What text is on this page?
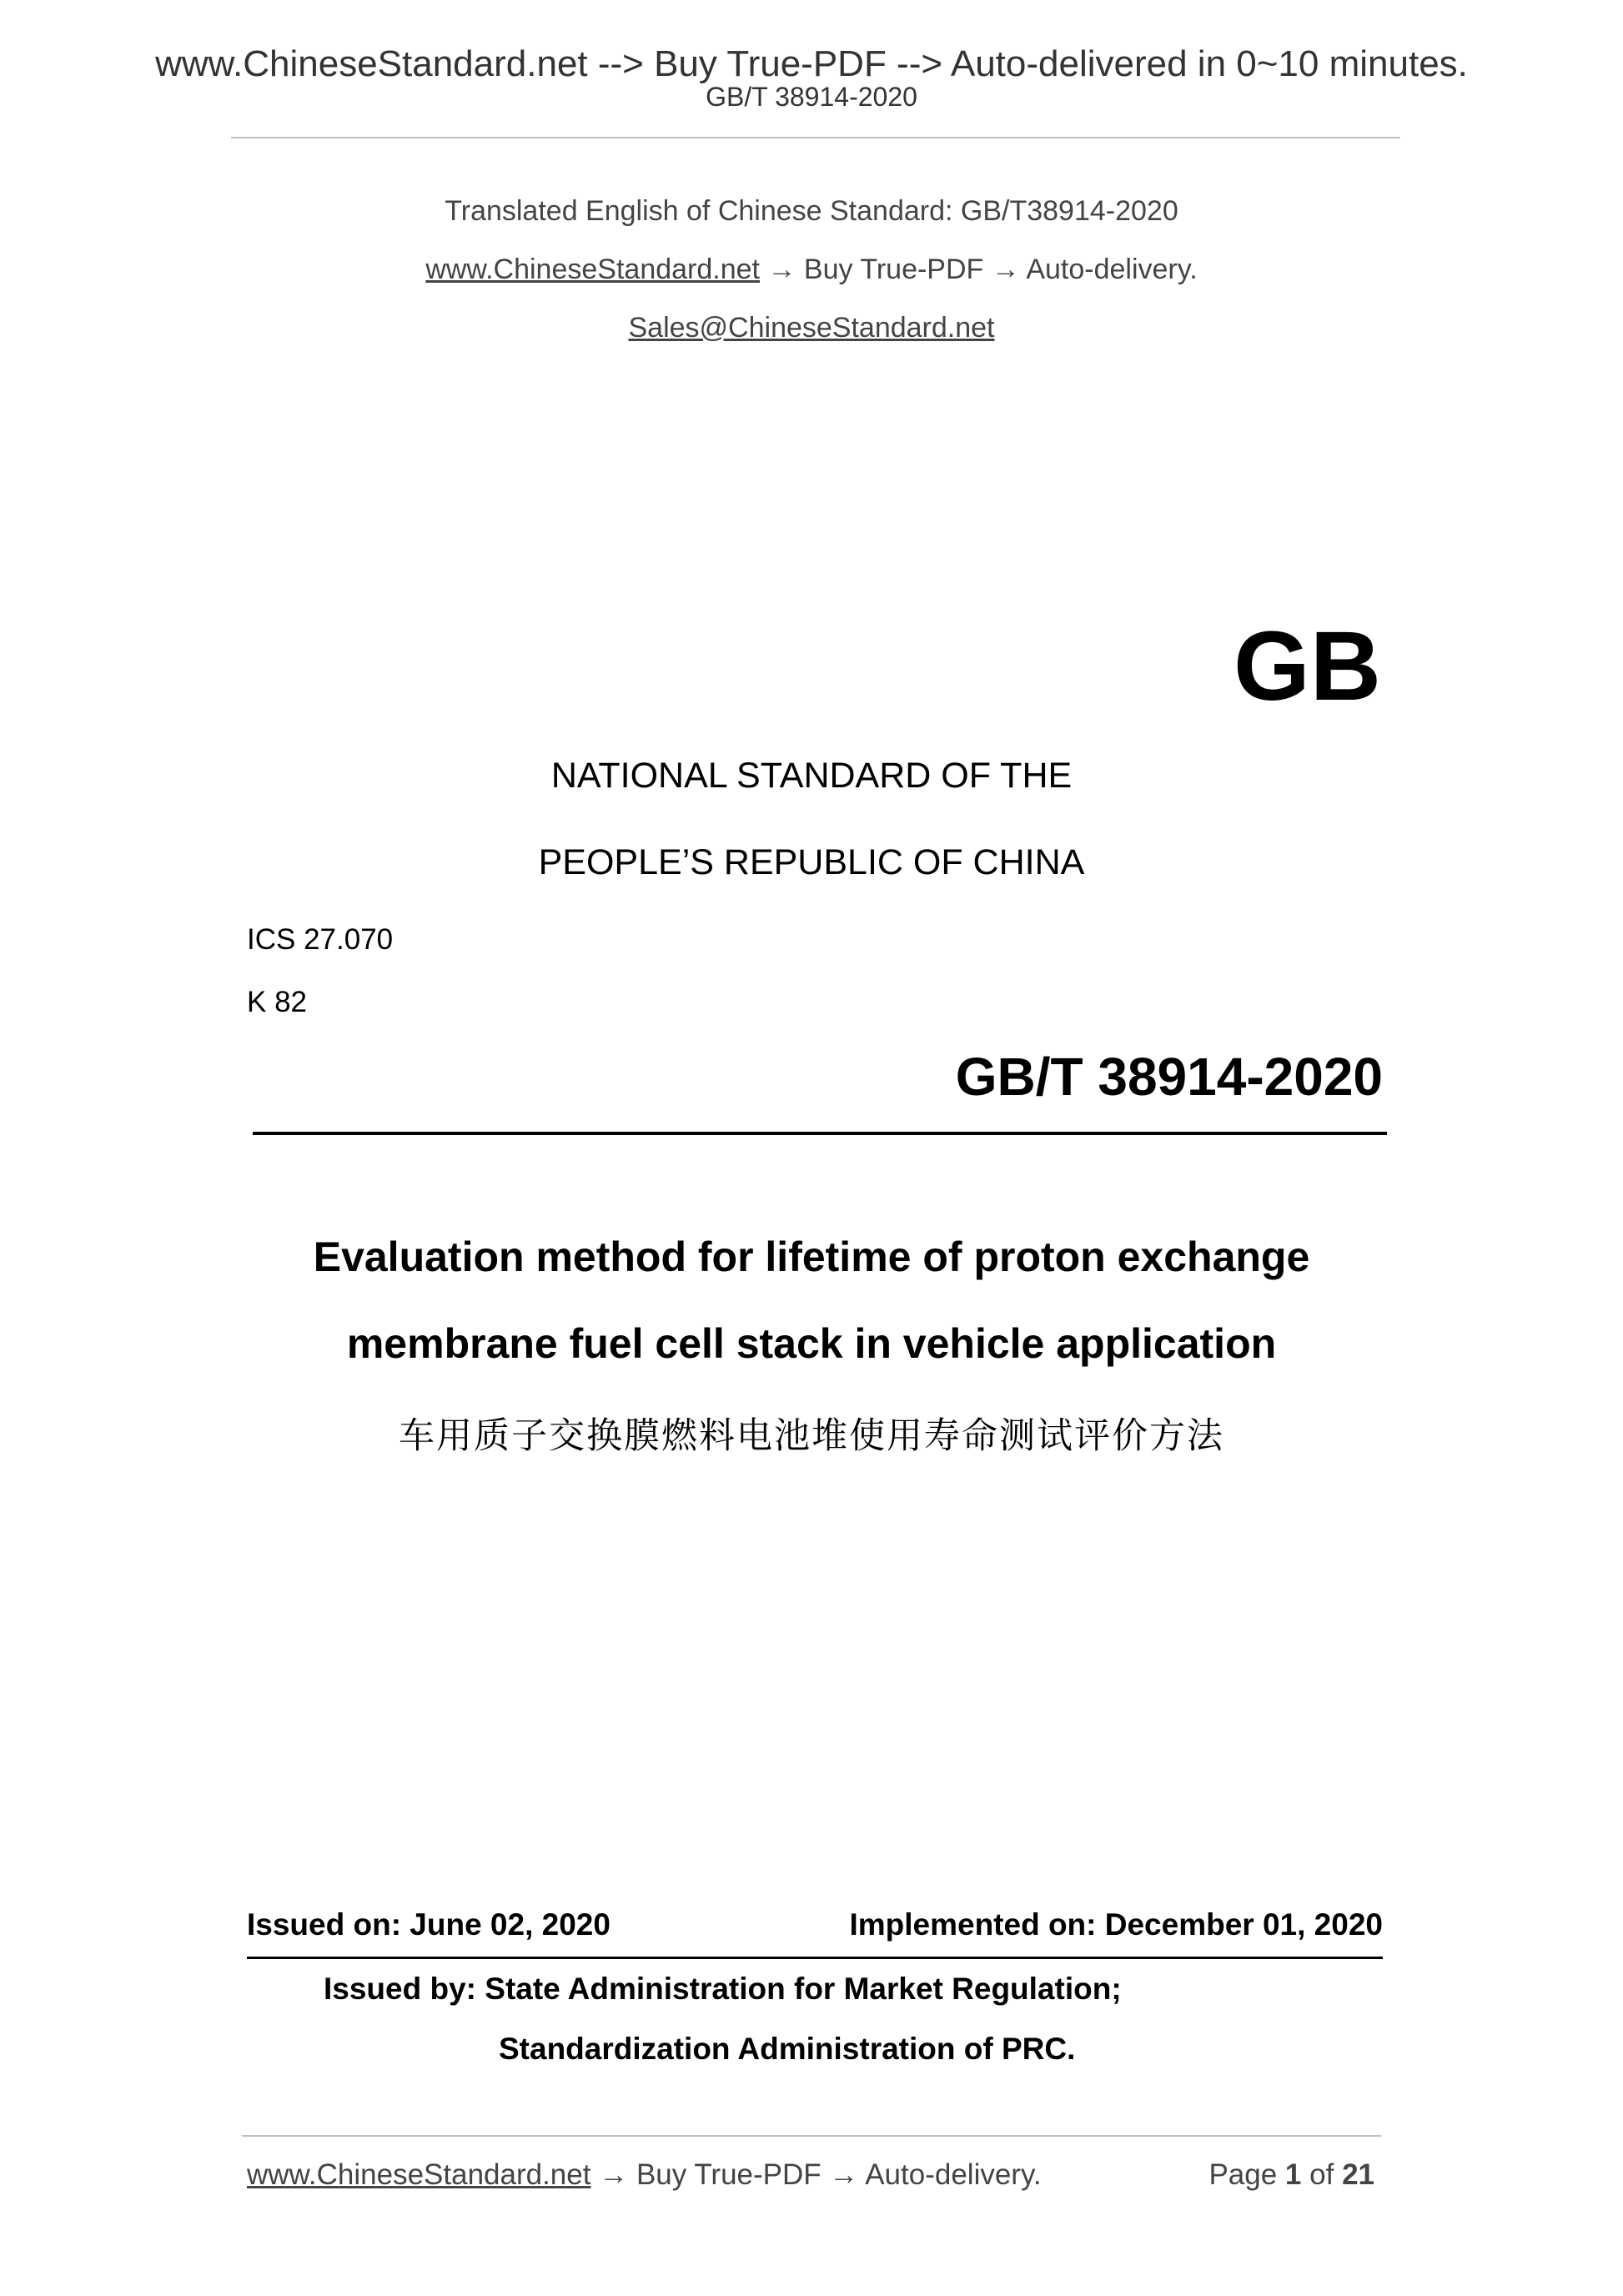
www.ChineseStandard.net --> Buy True-PDF --> Auto-delivered in 0~10 minutes.
GB/T 38914-2020
Translated English of Chinese Standard: GB/T38914-2020
www.ChineseStandard.net → Buy True-PDF → Auto-delivery.
Sales@ChineseStandard.net
GB
NATIONAL STANDARD OF THE
PEOPLE’S REPUBLIC OF CHINA
ICS 27.070
K 82
GB/T 38914-2020
Evaluation method for lifetime of proton exchange
membrane fuel cell stack in vehicle application
车用质子交换膜燃料电池堆使用寿命测试评价方法
Issued on: June 02, 2020	Implemented on: December 01, 2020
Issued by: State Administration for Market Regulation;
Standardization Administration of PRC.
www.ChineseStandard.net → Buy True-PDF → Auto-delivery.	Page 1 of 21
